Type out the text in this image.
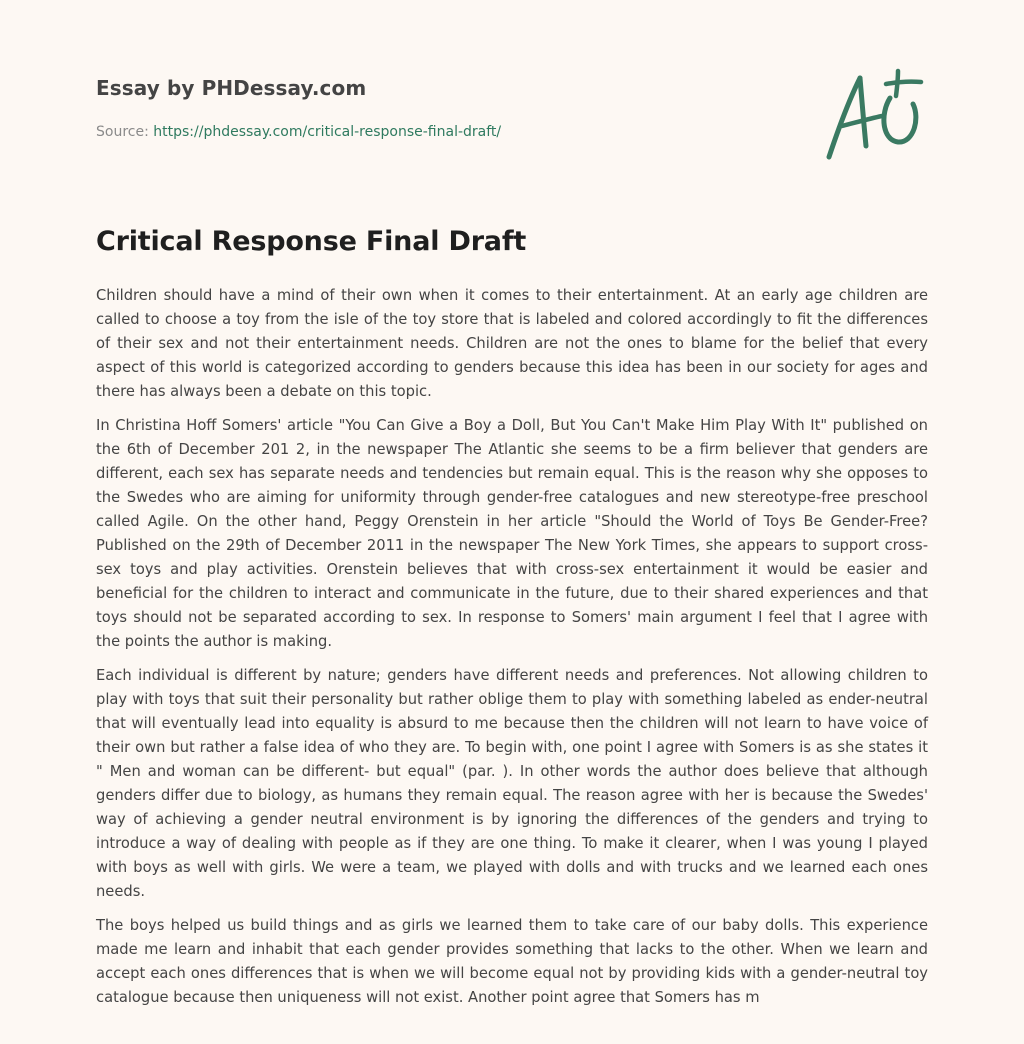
Essay by PHDessay.com
Source: https://phdessay.com/critical-response-final-draft/
Critical Response Final Draft

Children should have a mind of their own when it comes to their entertainment. At an early age children are called to choose a toy from the isle of the toy store that is labeled and colored accordingly to fit the differences of their sex and not their entertainment needs. Children are not the ones to blame for the belief that every aspect of this world is categorized according to genders because this idea has been in our society for ages and there has always been a debate on this topic.

In Christina Hoff Somers' article "You Can Give a Boy a Doll, But You Can't Make Him Play With It" published on the 6th of December 201 2, in the newspaper The Atlantic she seems to be a firm believer that genders are different, each sex has separate needs and tendencies but remain equal. This is the reason why she opposes to the Swedes who are aiming for uniformity through gender-free catalogues and new stereotype-free preschool called Agile. On the other hand, Peggy Orenstein in her article "Should the World of Toys Be Gender-Free? Published on the 29th of December 2011 in the newspaper The New York Times, she appears to support cross-sex toys and play activities. Orenstein believes that with cross-sex entertainment it would be easier and beneficial for the children to interact and communicate in the future, due to their shared experiences and that toys should not be separated according to sex. In response to Somers' main argument I feel that I agree with the points the author is making.

Each individual is different by nature; genders have different needs and preferences. Not allowing children to play with toys that suit their personality but rather oblige them to play with something labeled as ender-neutral that will eventually lead into equality is absurd to me because then the children will not learn to have voice of their own but rather a false idea of who they are. To begin with, one point I agree with Somers is as she states it " Men and woman can be different- but equal" (par. ). In other words the author does believe that although genders differ due to biology, as humans they remain equal. The reason agree with her is because the Swedes' way of achieving a gender neutral environment is by ignoring the differences of the genders and trying to introduce a way of dealing with people as if they are one thing. To make it clearer, when I was young I played with boys as well with girls. We were a team, we played with dolls and with trucks and we learned each ones needs.

The boys helped us build things and as girls we learned them to take care of our baby dolls. This experience made me learn and inhabit that each gender provides something that lacks to the other. When we learn and accept each ones differences that is when we will become equal not by providing kids with a gender-neutral toy catalogue because then uniqueness will not exist. Another point agree that Somers has m
